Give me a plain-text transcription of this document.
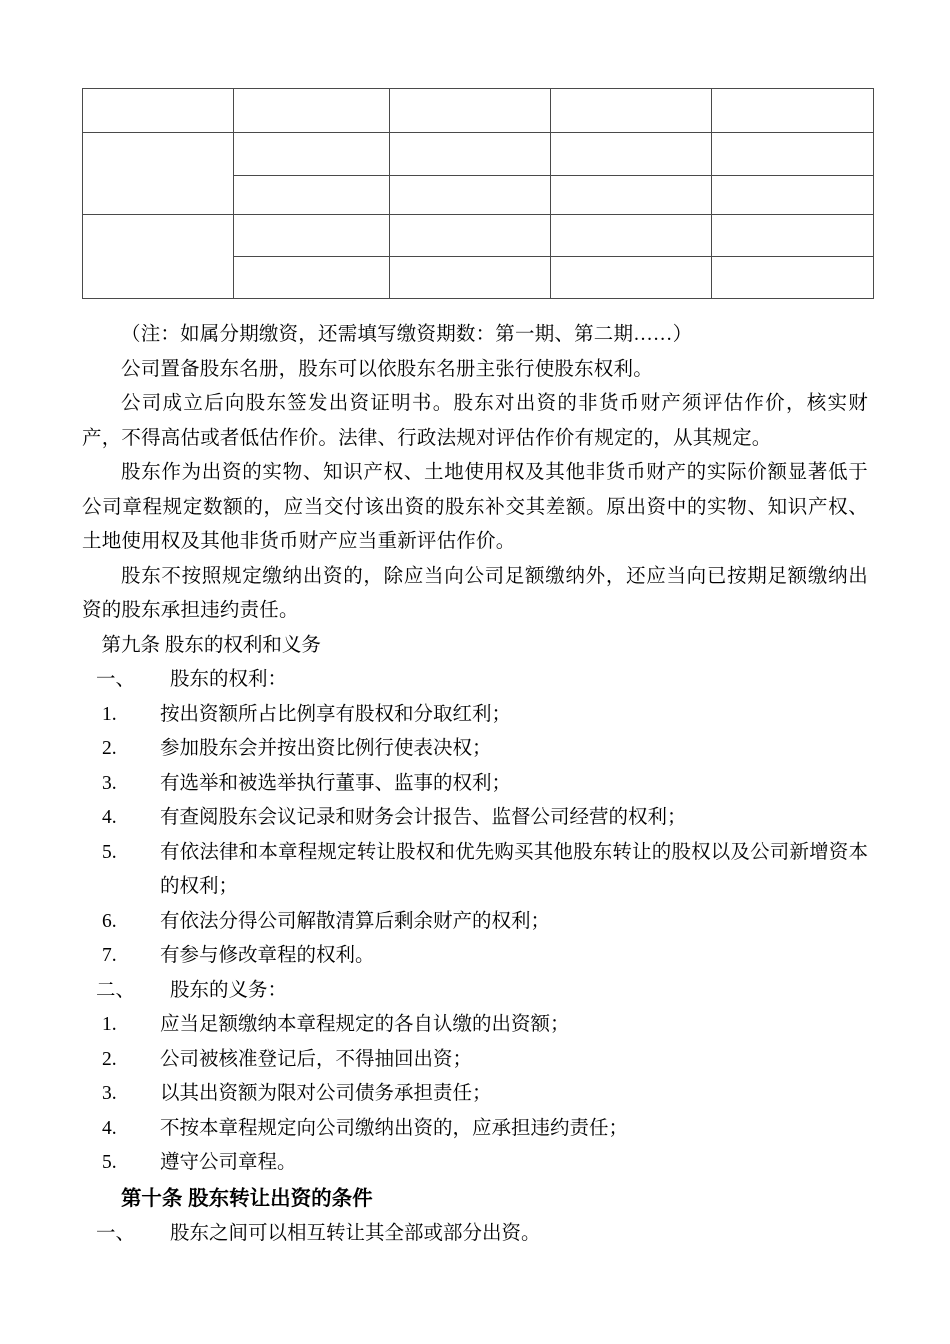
（注：如属分期缴资，还需填写缴资期数：第一期、第二期……）

公司置备股东名册，股东可以依股东名册主张行使股东权利。

公司成立后向股东签发出资证明书。股东对出资的非货币财产须评估作价，核实财产，不得高估或者低估作价。法律、行政法规对评估作价有规定的，从其规定。

股东作为出资的实物、知识产权、土地使用权及其他非货币财产的实际价额显著低于公司章程规定数额的，应当交付该出资的股东补交其差额。原出资中的实物、知识产权、土地使用权及其他非货币财产应当重新评估作价。

股东不按照规定缴纳出资的，除应当向公司足额缴纳外，还应当向已按期足额缴纳出资的股东承担违约责任。

第九条 股东的权利和义务

一、	股东的权利：
1.	按出资额所占比例享有股权和分取红利；
2.	参加股东会并按出资比例行使表决权；
3.	有选举和被选举执行董事、监事的权利；
4.	有查阅股东会议记录和财务会计报告、监督公司经营的权利；
5.	有依法律和本章程规定转让股权和优先购买其他股东转让的股权以及公司新增资本的权利；
6.	有依法分得公司解散清算后剩余财产的权利；
7.	有参与修改章程的权利。
二、	股东的义务：
1.	应当足额缴纳本章程规定的各自认缴的出资额；
2.	公司被核准登记后，不得抽回出资；
3.	以其出资额为限对公司债务承担责任；
4.	不按本章程规定向公司缴纳出资的，应承担违约责任；
5.	遵守公司章程。

第十条 股东转让出资的条件

一、	股东之间可以相互转让其全部或部分出资。
